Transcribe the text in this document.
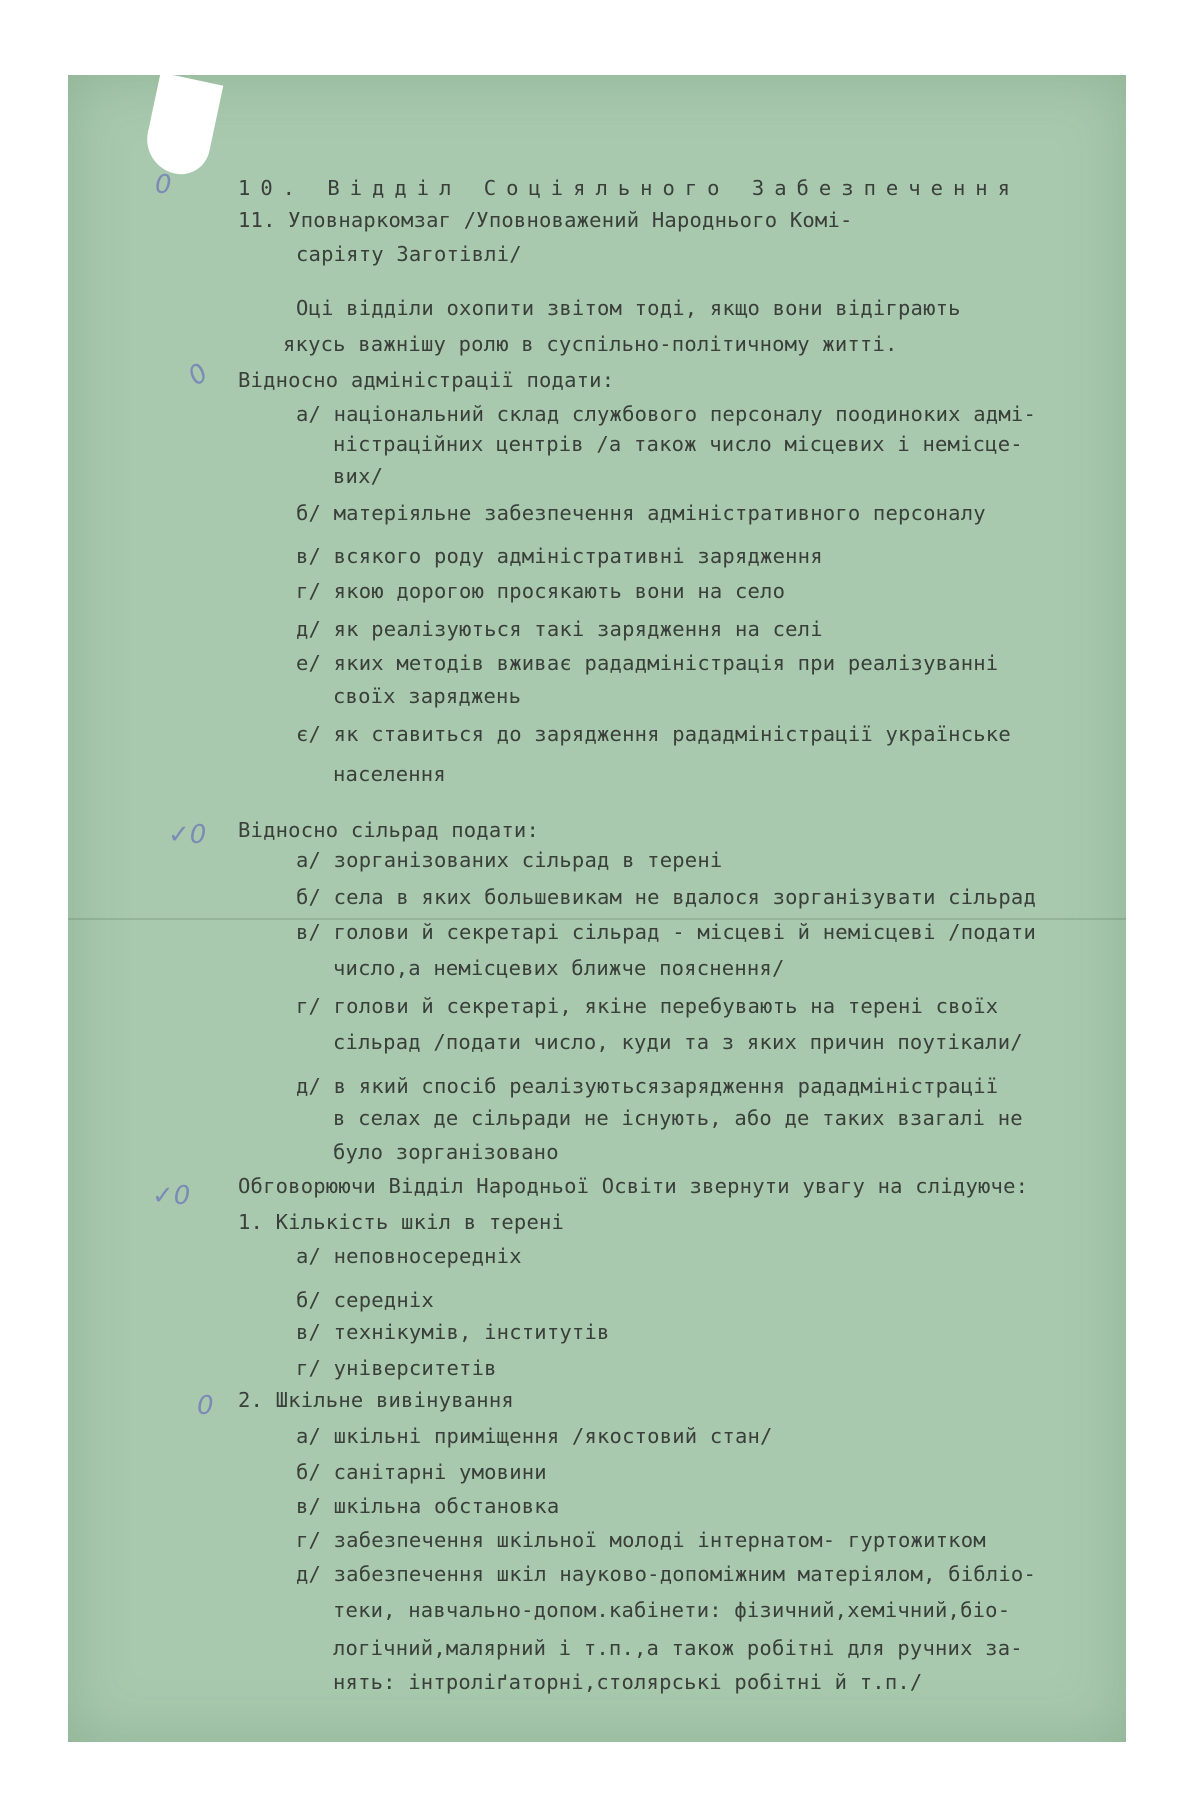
0
0
✓0
✓0
0
10. Відділ Соціяльного Забезпечення
11. Уповнаркомзаг /Уповноважений Народнього Комі-
саріяту Заготівлі/
Оці відділи охопити звітом тоді, якщо вони відіграють
якусь важнішу ролю в суспільно-політичному житті.
Відносно адміністрації подати:
а/ національний склад службового персоналу поодиноких адмі-
ністраційних центрів /а також число місцевих і немісце-
вих/
б/ матеріяльне забезпечення адміністративного персоналу
в/ всякого роду адміністративні зарядження
г/ якою дорогою просякають вони на село
д/ як реалізуються такі зарядження на селі
е/ яких методів вживає рададміністрація при реалізуванні
своїх заряджень
є/ як ставиться до зарядження рададміністрації українське
населення
Відносно сільрад подати:
а/ зорганізованих сільрад в терені
б/ села в яких большевикам не вдалося зорганізувати сільрад
в/ голови й секретарі сільрад - місцеві й немісцеві /подати
число,а немісцевих ближче пояснення/
г/ голови й секретарі, якіне перебувають на терені своїх
сільрад /подати число, куди та з яких причин поутікали/
д/ в який спосіб реалізуютьсязарядження рададміністрації
в селах де сільради не існують, або де таких взагалі не
було зорганізовано
Обговорюючи Відділ Народньої Освіти звернути увагу на слідуюче:
1. Кількість шкіл в терені
а/ неповносередніх
б/ середніх
в/ технікумів, інститутів
г/ університетів
2. Шкільне вивінування
а/ шкільні приміщення /якостовий стан/
б/ санітарні умовини
в/ шкільна обстановка
г/ забезпечення шкільної молоді інтернатом- гуртожитком
д/ забезпечення шкіл науково-допоміжним матеріялом, бібліо-
теки, навчально-допом.кабінети: фізичний,хемічний,біо-
логічний,малярний і т.п.,а також робітні для ручних за-
нять: інтроліґаторні,столярські робітні й т.п./
